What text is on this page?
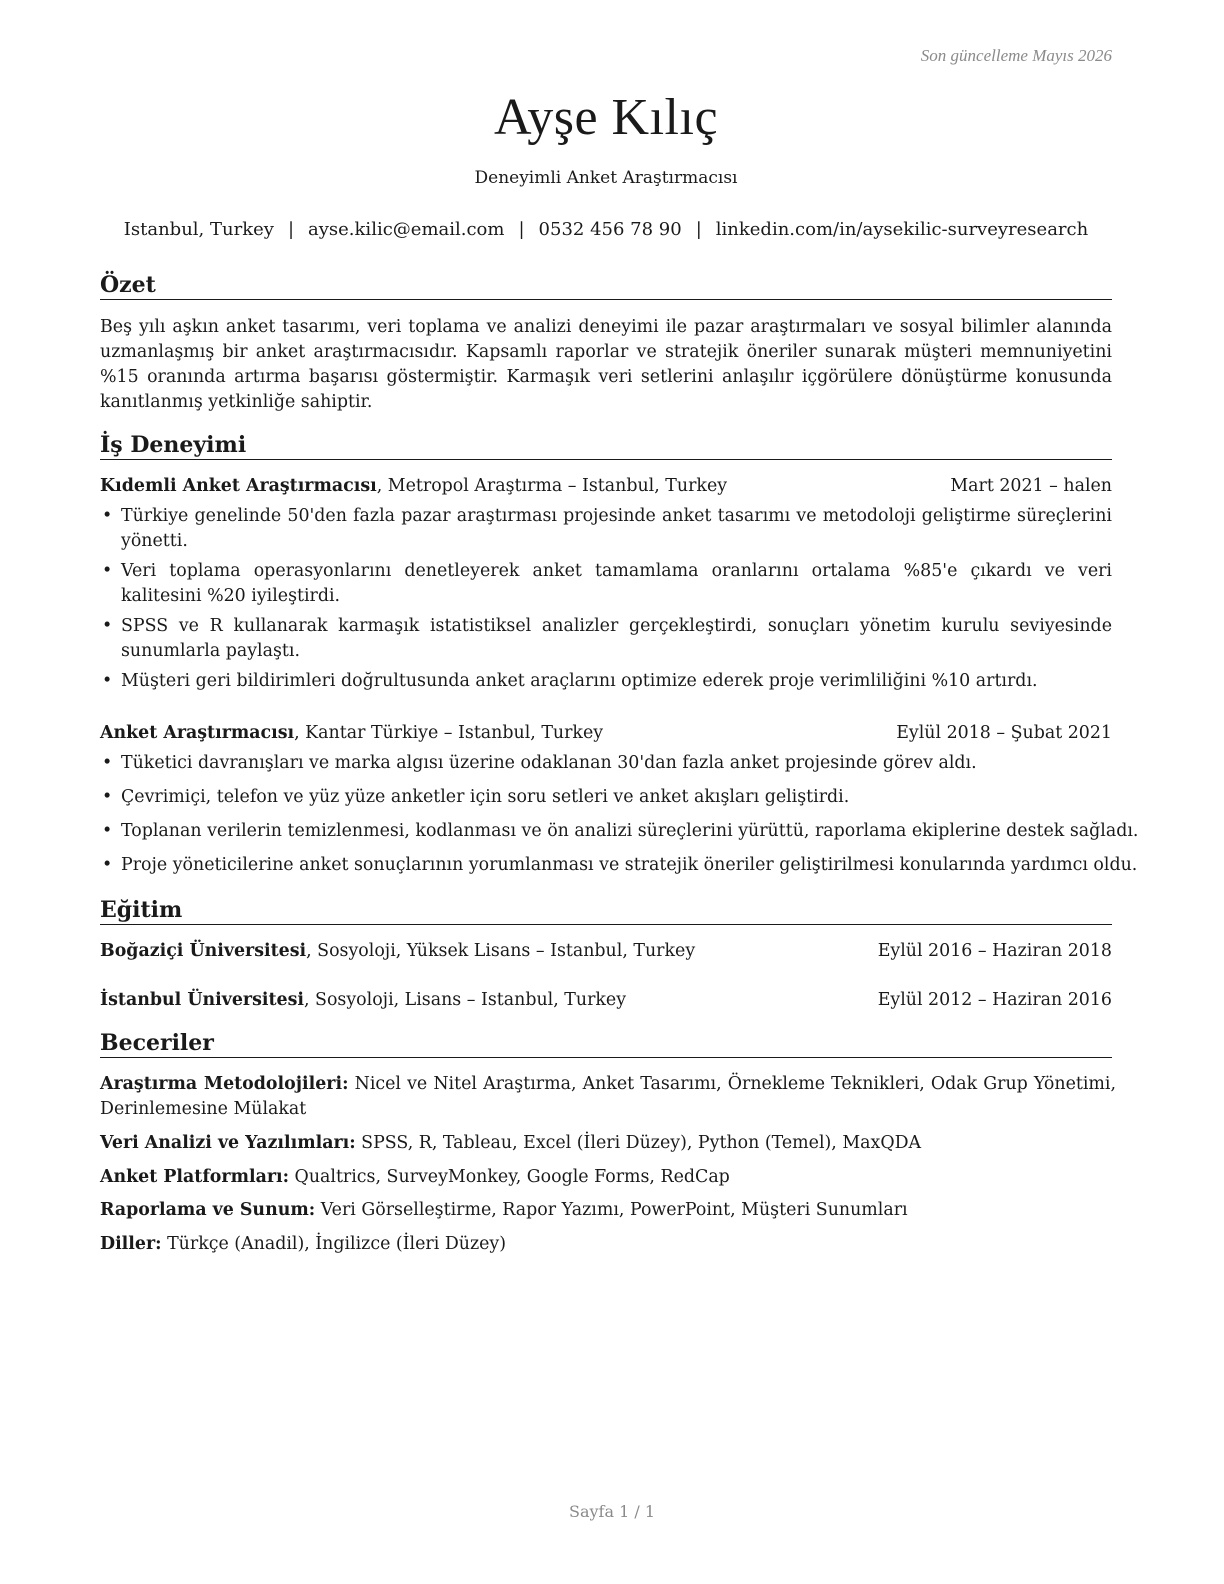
Son güncelleme Mayıs 2026
Ayşe Kılıç
Deneyimli Anket Araştırmacısı
Istanbul, Turkey | ayse.kilic@email.com | 0532 456 78 90 | linkedin.com/in/aysekilic-surveyresearch
Özet
Beş yılı aşkın anket tasarımı, veri toplama ve analizi deneyimi ile pazar araştırmaları ve sosyal bilimler alanında uzmanlaşmış bir anket araştırmacısıdır. Kapsamlı raporlar ve stratejik öneriler sunarak müşteri memnuniyetini %15 oranında artırma başarısı göstermiştir. Karmaşık veri setlerini anlaşılır içgörülere dönüştürme konusunda kanıtlanmış yetkinliğe sahiptir.
İş Deneyimi
Kıdemli Anket Araştırmacısı, Metropol Araştırma – Istanbul, Turkey	Mart 2021 – halen
• Türkiye genelinde 50'den fazla pazar araştırması projesinde anket tasarımı ve metodoloji geliştirme süreçlerini yönetti.
• Veri toplama operasyonlarını denetleyerek anket tamamlama oranlarını ortalama %85'e çıkardı ve veri kalitesini %20 iyileştirdi.
• SPSS ve R kullanarak karmaşık istatistiksel analizler gerçekleştirdi, sonuçları yönetim kurulu seviyesinde sunumlarla paylaştı.
• Müşteri geri bildirimleri doğrultusunda anket araçlarını optimize ederek proje verimliliğini %10 artırdı.
Anket Araştırmacısı, Kantar Türkiye – Istanbul, Turkey	Eylül 2018 – Şubat 2021
• Tüketici davranışları ve marka algısı üzerine odaklanan 30'dan fazla anket projesinde görev aldı.
• Çevrimiçi, telefon ve yüz yüze anketler için soru setleri ve anket akışları geliştirdi.
• Toplanan verilerin temizlenmesi, kodlanması ve ön analizi süreçlerini yürüttü, raporlama ekiplerine destek sağladı.
• Proje yöneticilerine anket sonuçlarının yorumlanması ve stratejik öneriler geliştirilmesi konularında yardımcı oldu.
Eğitim
Boğaziçi Üniversitesi, Sosyoloji, Yüksek Lisans – Istanbul, Turkey	Eylül 2016 – Haziran 2018
İstanbul Üniversitesi, Sosyoloji, Lisans – Istanbul, Turkey	Eylül 2012 – Haziran 2016
Beceriler
Araştırma Metodolojileri: Nicel ve Nitel Araştırma, Anket Tasarımı, Örnekleme Teknikleri, Odak Grup Yönetimi, Derinlemesine Mülakat
Veri Analizi ve Yazılımları: SPSS, R, Tableau, Excel (İleri Düzey), Python (Temel), MaxQDA
Anket Platformları: Qualtrics, SurveyMonkey, Google Forms, RedCap
Raporlama ve Sunum: Veri Görselleştirme, Rapor Yazımı, PowerPoint, Müşteri Sunumları
Diller: Türkçe (Anadil), İngilizce (İleri Düzey)
Sayfa 1 / 1
